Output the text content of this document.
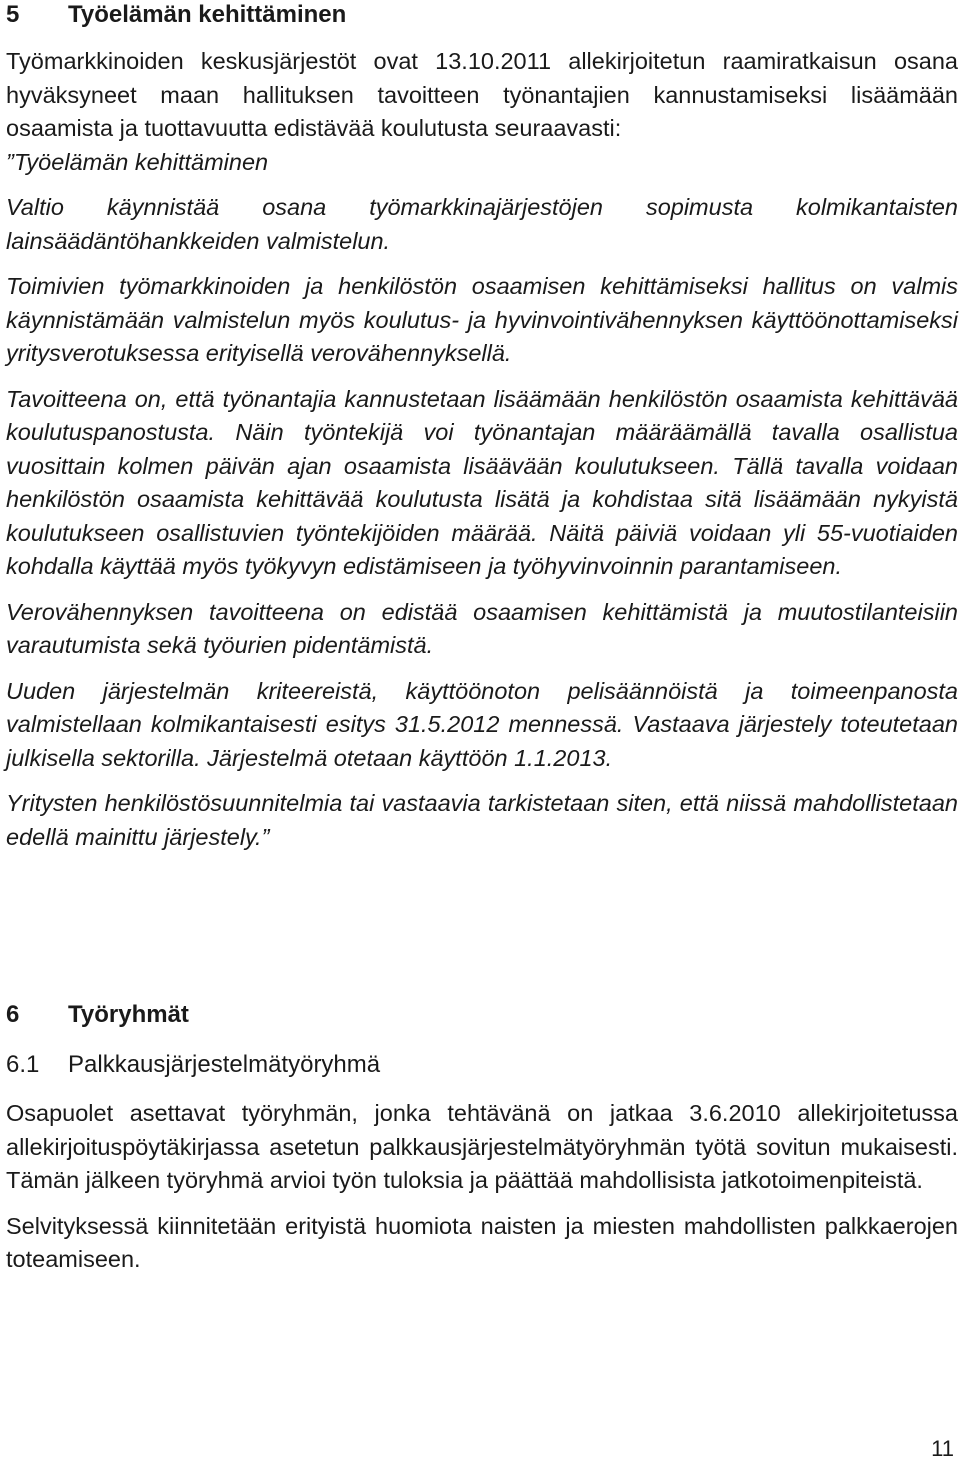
5	Työelämän kehittäminen

Työmarkkinoiden keskusjärjestöt ovat 13.10.2011 allekirjoitetun raamiratkaisun osana hyväksyneet maan hallituksen tavoitteen työnantajien kannustamiseksi lisäämään osaamista ja tuottavuutta edistävää koulutusta seuraavasti:

”Työelämän kehittäminen

Valtio käynnistää osana työmarkkinajärjestöjen sopimusta kolmikantaisten lainsäädäntöhankkeiden valmistelun.

Toimivien työmarkkinoiden ja henkilöstön osaamisen kehittämiseksi hallitus on valmis käynnistämään valmistelun myös koulutus- ja hyvinvointivähennyksen käyttöönottamiseksi yritysverotuksessa erityisellä verovähennyksellä.

Tavoitteena on, että työnantajia kannustetaan lisäämään henkilöstön osaamista kehittävää koulutuspanostusta. Näin työntekijä voi työnantajan määräämällä tavalla osallistua vuosittain kolmen päivän ajan osaamista lisäävään koulutukseen. Tällä tavalla voidaan henkilöstön osaamista kehittävää koulutusta lisätä ja kohdistaa sitä lisäämään nykyistä koulutukseen osallistuvien työntekijöiden määrää. Näitä päiviä voidaan yli 55-vuotiaiden kohdalla käyttää myös työkyvyn edistämiseen ja työhyvinvoinnin parantamiseen.

Verovähennyksen tavoitteena on edistää osaamisen kehittämistä ja muutostilanteisiin varautumista sekä työurien pidentämistä.

Uuden järjestelmän kriteereistä, käyttöönoton pelisäännöistä ja toimeenpanosta valmistellaan kolmikantaisesti esitys 31.5.2012 mennessä. Vastaava järjestely toteutetaan julkisella sektorilla. Järjestelmä otetaan käyttöön 1.1.2013.

Yritysten henkilöstösuunnitelmia tai vastaavia tarkistetaan siten, että niissä mahdollistetaan edellä mainittu järjestely.”

6	Työryhmät
6.1	Palkkausjärjestelmätyöryhmä

Osapuolet asettavat työryhmän, jonka tehtävänä on jatkaa 3.6.2010 allekirjoitetussa allekirjoituspöytäkirjassa asetetun palkkausjärjestelmätyöryhmän työtä sovitun mukaisesti. Tämän jälkeen työryhmä arvioi työn tuloksia ja päättää mahdollisista jatkotoimenpiteistä.

Selvityksessä kiinnitetään erityistä huomiota naisten ja miesten mahdollisten palkkaerojen toteamiseen.

11
